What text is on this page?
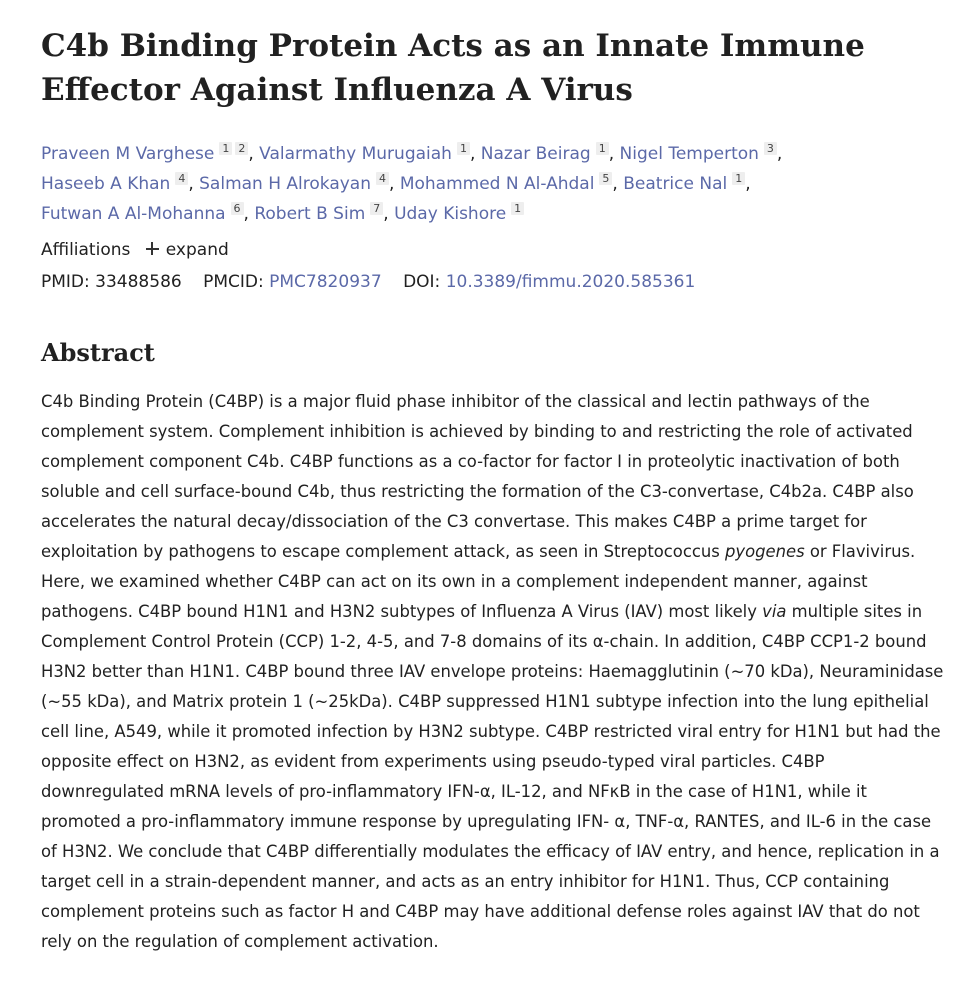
C4b Binding Protein Acts as an Innate Immune Effector Against Influenza A Virus
Praveen M Varghese 1 2 , Valarmathy Murugaiah 1 , Nazar Beirag 1 , Nigel Temperton 3 ,
Haseeb A Khan 4 , Salman H Alrokayan 4 , Mohammed N Al-Ahdal 5 , Beatrice Nal 1 ,
Futwan A Al-Mohanna 6 , Robert B Sim 7 , Uday Kishore 1
Affiliations expand
PMID: 33488586 PMCID: PMC7820937 DOI: 10.3389/fimmu.2020.585361
Abstract
C4b Binding Protein (C4BP) is a major fluid phase inhibitor of the classical and lectin pathways of the complement system. Complement inhibition is achieved by binding to and restricting the role of activated complement component C4b. C4BP functions as a co-factor for factor I in proteolytic inactivation of both soluble and cell surface-bound C4b, thus restricting the formation of the C3-convertase, C4b2a. C4BP also accelerates the natural decay/dissociation of the C3 convertase. This makes C4BP a prime target for exploitation by pathogens to escape complement attack, as seen in Streptococcus pyogenes or Flavivirus. Here, we examined whether C4BP can act on its own in a complement independent manner, against pathogens. C4BP bound H1N1 and H3N2 subtypes of Influenza A Virus (IAV) most likely via multiple sites in Complement Control Protein (CCP) 1-2, 4-5, and 7-8 domains of its α-chain. In addition, C4BP CCP1-2 bound H3N2 better than H1N1. C4BP bound three IAV envelope proteins: Haemagglutinin (~70 kDa), Neuraminidase (~55 kDa), and Matrix protein 1 (~25kDa). C4BP suppressed H1N1 subtype infection into the lung epithelial cell line, A549, while it promoted infection by H3N2 subtype. C4BP restricted viral entry for H1N1 but had the opposite effect on H3N2, as evident from experiments using pseudo-typed viral particles. C4BP downregulated mRNA levels of pro-inflammatory IFN-α, IL-12, and NFκB in the case of H1N1, while it promoted a pro-inflammatory immune response by upregulating IFN- α, TNF-α, RANTES, and IL-6 in the case of H3N2. We conclude that C4BP differentially modulates the efficacy of IAV entry, and hence, replication in a target cell in a strain-dependent manner, and acts as an entry inhibitor for H1N1. Thus, CCP containing complement proteins such as factor H and C4BP may have additional defense roles against IAV that do not rely on the regulation of complement activation.
